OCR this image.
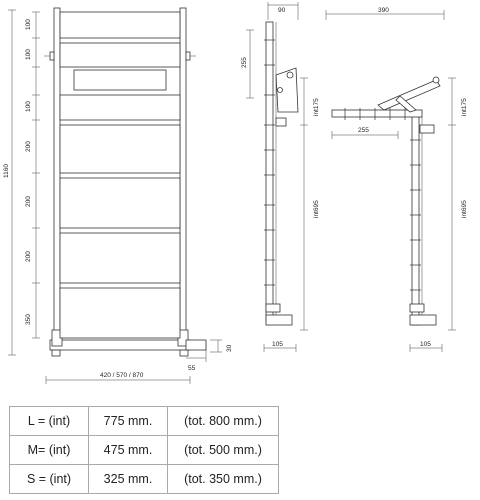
100
100
100
200
200
200
350
1160
420 / 570 / 870
55
30
90
255
int175
int695
105
390
255
int175
int695
105
L = (int)	775 mm.	(tot. 800 mm.)
M= (int)	475 mm.	(tot. 500 mm.)
S = (int)	325 mm.	(tot. 350 mm.)
